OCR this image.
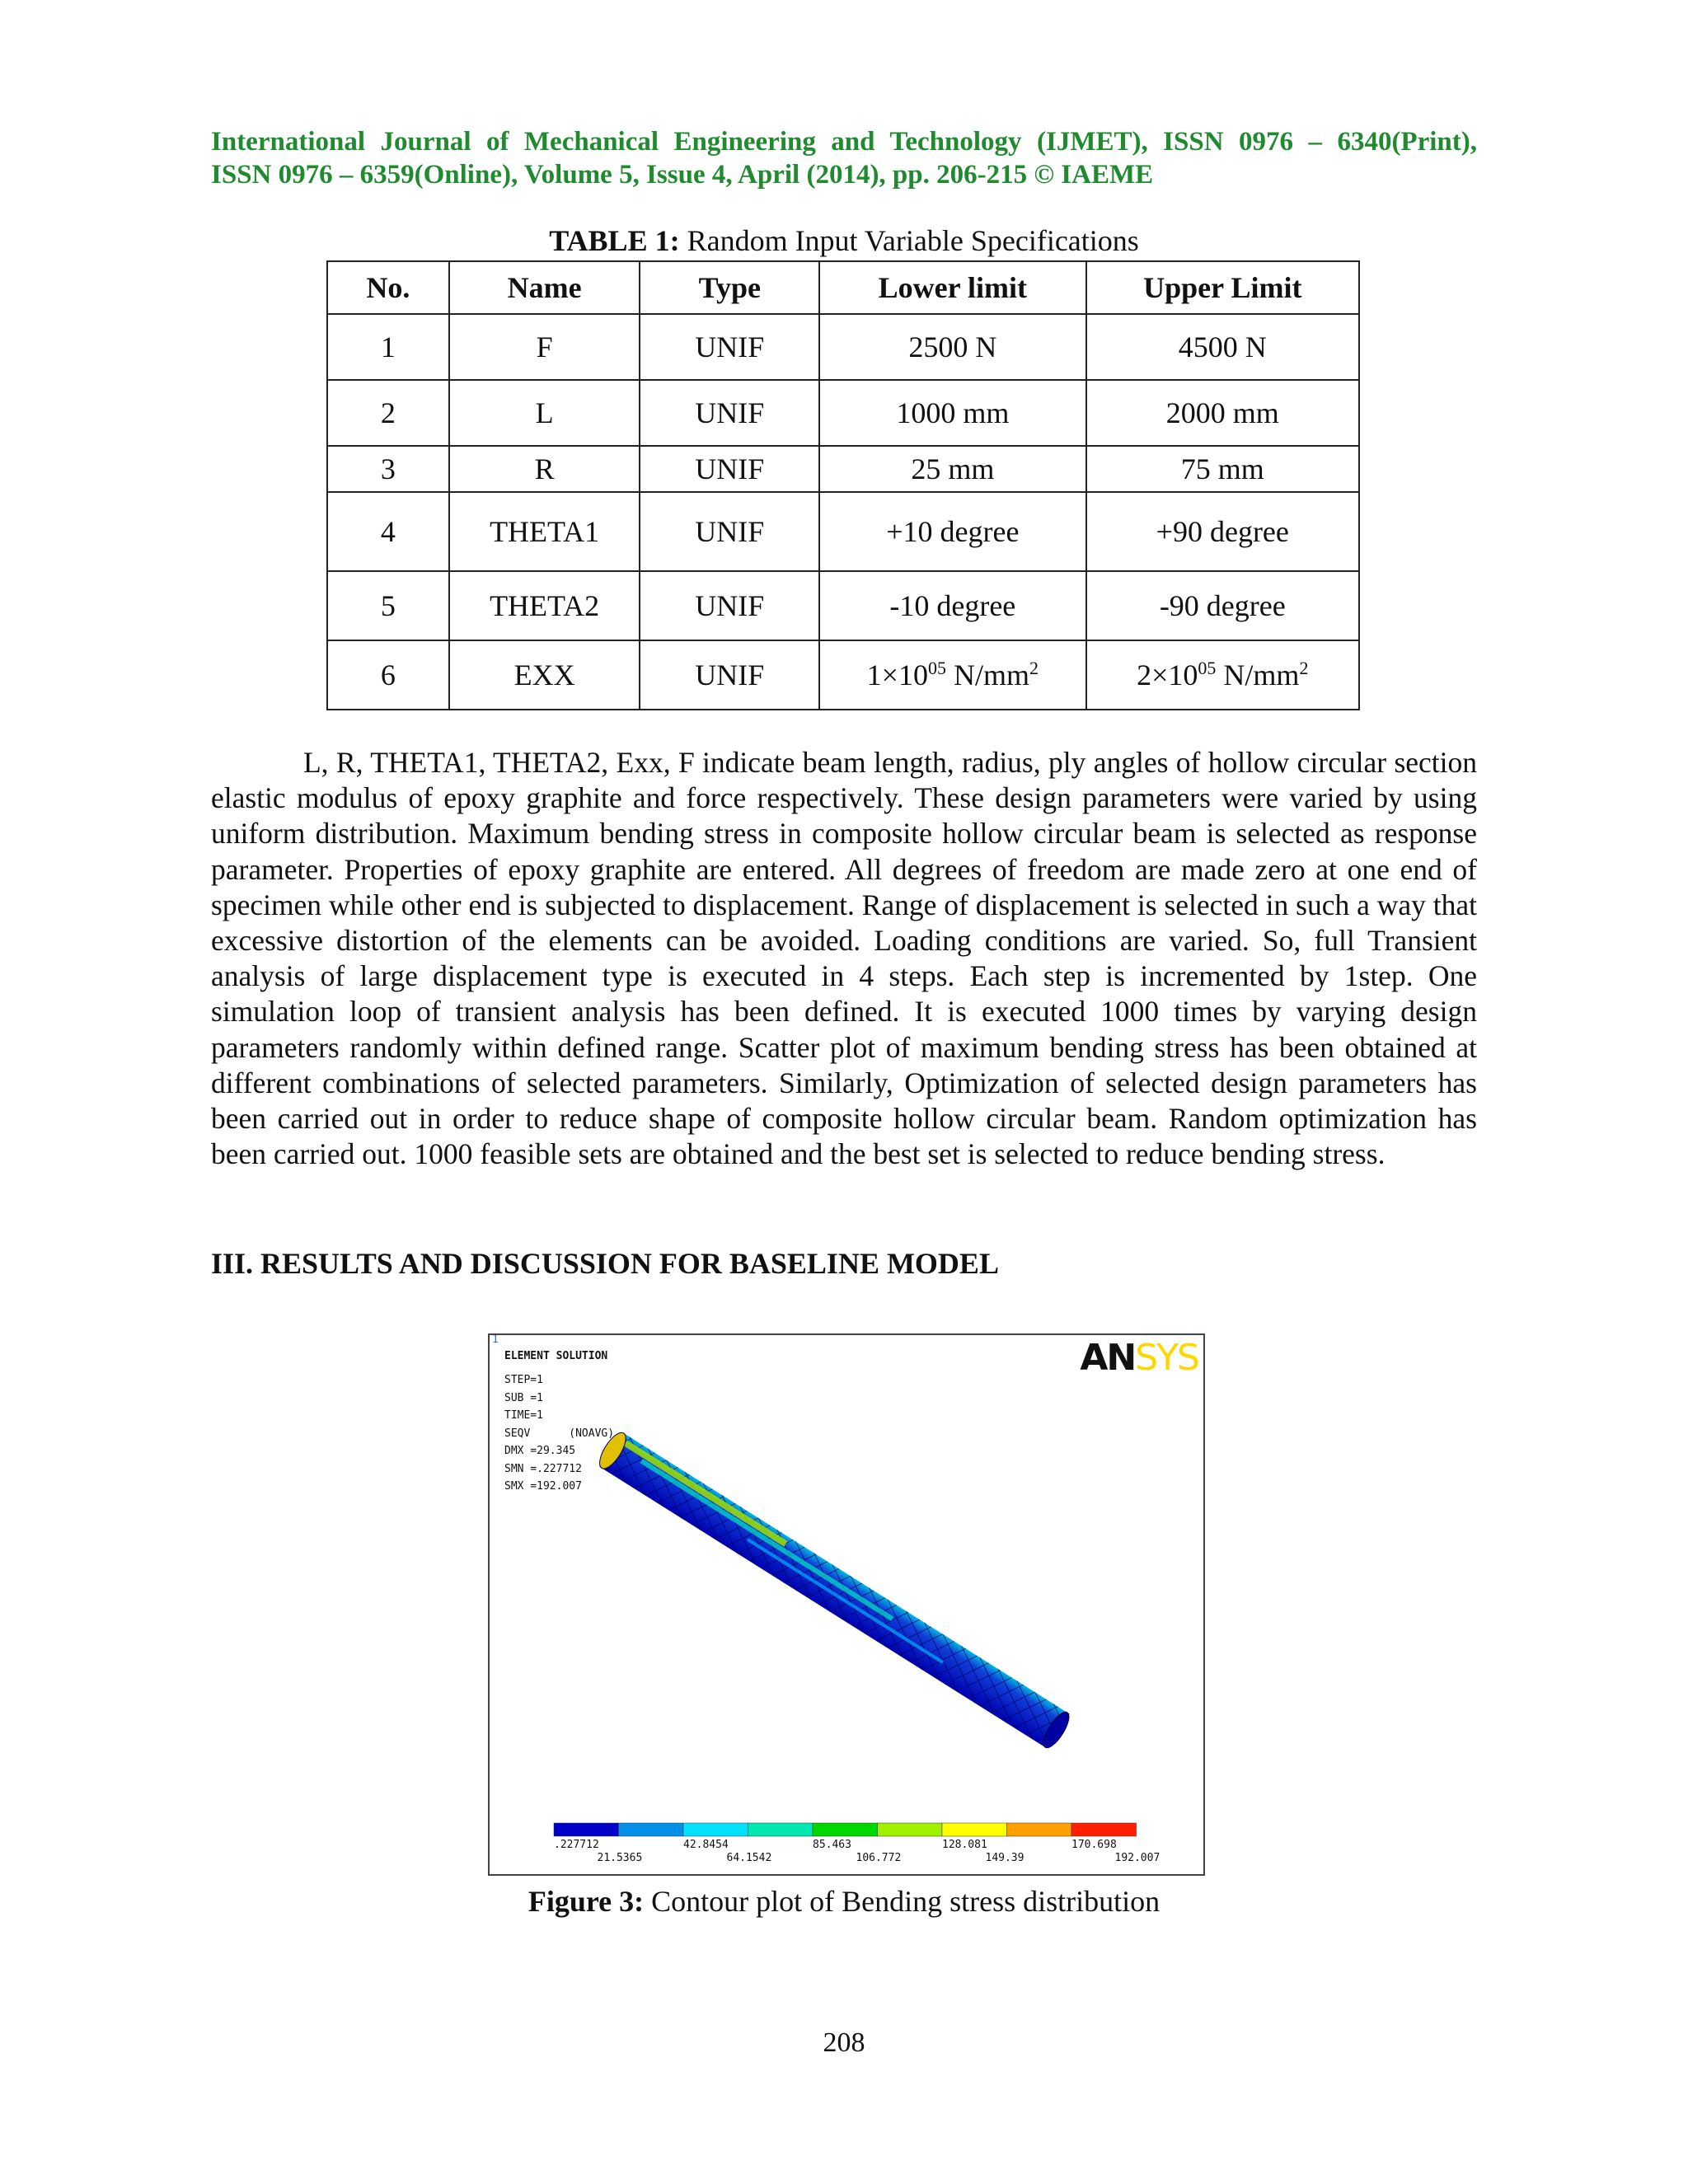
International Journal of Mechanical Engineering and Technology (IJMET), ISSN 0976 – 6340(Print),
ISSN 0976 – 6359(Online), Volume 5, Issue 4, April (2014), pp. 206-215 © IAEME
TABLE 1: Random Input Variable Specifications
No.	Name	Type	Lower limit	Upper Limit
1	F	UNIF	2500 N	4500 N
2	L	UNIF	1000 mm	2000 mm
3	R	UNIF	25 mm	75 mm
4	THETA1	UNIF	+10 degree	+90 degree
5	THETA2	UNIF	-10 degree	-90 degree
6	EXX	UNIF	$1\times 10^{05}$ $N/mm^2$	$2\times 10^{05}$ $N/mm^2$
L, R, THETA1, THETA2, Exx, F indicate beam length, radius, ply angles of hollow circular section elastic modulus of epoxy graphite and force respectively. These design parameters were varied by using uniform distribution. Maximum bending stress in composite hollow circular beam is selected as response parameter. Properties of epoxy graphite are entered. All degrees of freedom are made zero at one end of specimen while other end is subjected to displacement. Range of displacement is selected in such a way that excessive distortion of the elements can be avoided. Loading conditions are varied. So, full Transient analysis of large displacement type is executed in 4 steps. Each step is incremented by 1step. One simulation loop of transient analysis has been defined. It is executed 1000 times by varying design parameters randomly within defined range. Scatter plot of maximum bending stress has been obtained at different combinations of selected parameters. Similarly, Optimization of selected design parameters has been carried out in order to reduce shape of composite hollow circular beam. Random optimization has been carried out. 1000 feasible sets are obtained and the best set is selected to reduce bending stress.
III. RESULTS AND DISCUSSION FOR BASELINE MODEL
1
ELEMENT SOLUTION
STEP=1
SUB =1
TIME=1
SEQV      (NOAVG)
DMX =29.345
SMN =.227712
SMX =192.007
ANSYS
.227712	42.8454	85.463	128.081	170.698
21.5365	64.1542	106.772	149.39	192.007
Figure 3: Contour plot of Bending stress distribution
208
